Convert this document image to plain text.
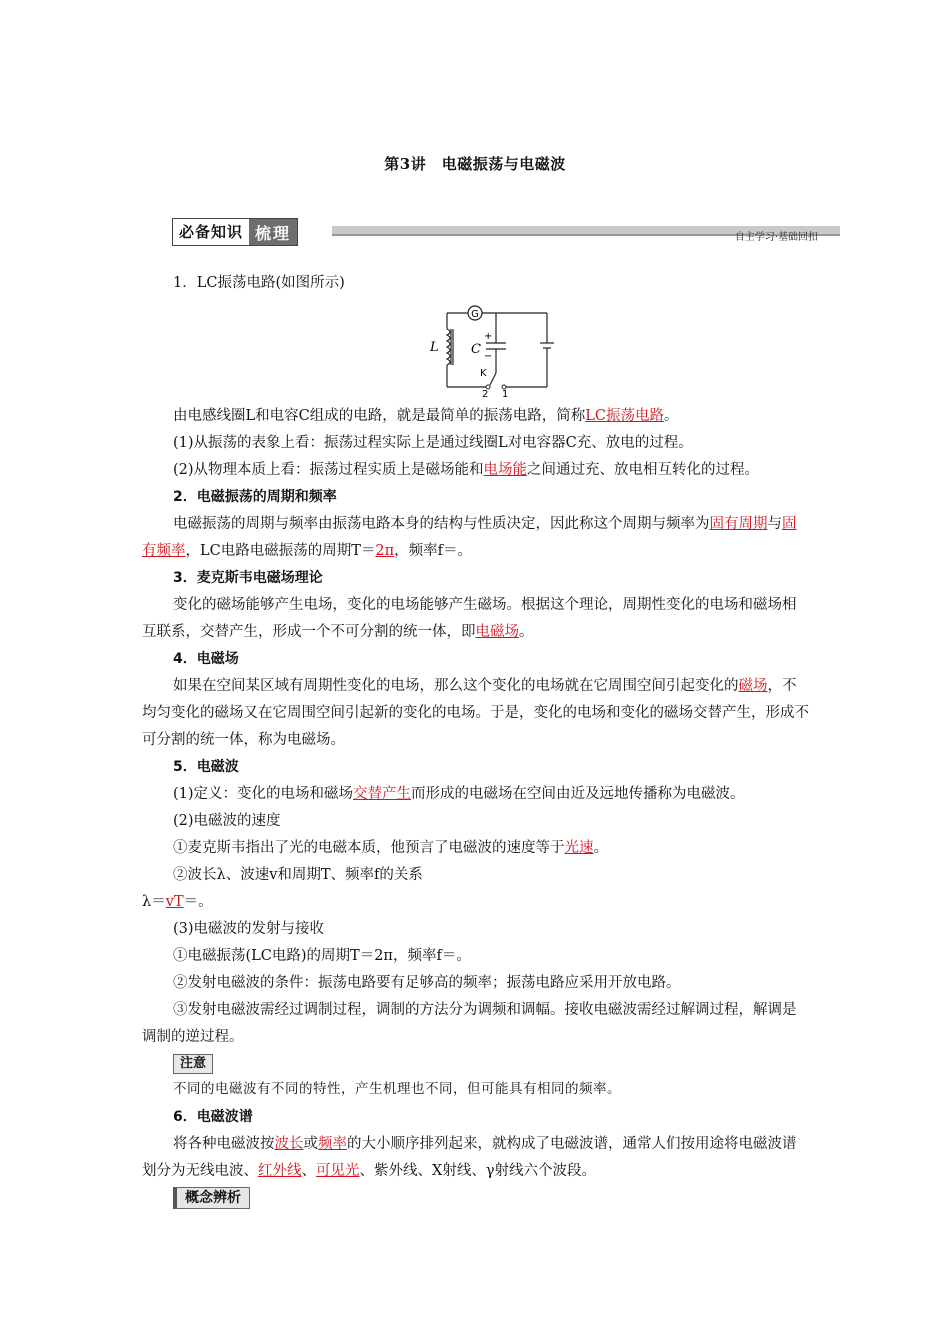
第3讲　电磁振荡与电磁波
必备知识 梳理	自主学习·基础回扣

1．LC振荡电路(如图所示)

G
L C
+
−
K
2 1

由电感线圈L和电容C组成的电路，就是最简单的振荡电路，简称LC振荡电路。

(1)从振荡的表象上看：振荡过程实际上是通过线圈L对电容器C充、放电的过程。

(2)从物理本质上看：振荡过程实质上是磁场能和电场能之间通过充、放电相互转化的过程。

2．电磁振荡的周期和频率

电磁振荡的周期与频率由振荡电路本身的结构与性质决定，因此称这个周期与频率为固有周期与固有频率，LC电路电磁振荡的周期T＝2π，频率f＝。

3．麦克斯韦电磁场理论

变化的磁场能够产生电场，变化的电场能够产生磁场。根据这个理论，周期性变化的电场和磁场相互联系，交替产生，形成一个不可分割的统一体，即电磁场。

4．电磁场

如果在空间某区域有周期性变化的电场，那么这个变化的电场就在它周围空间引起变化的磁场，不均匀变化的磁场又在它周围空间引起新的变化的电场。于是，变化的电场和变化的磁场交替产生，形成不可分割的统一体，称为电磁场。

5．电磁波

(1)定义：变化的电场和磁场交替产生而形成的电磁场在空间由近及远地传播称为电磁波。

(2)电磁波的速度

①麦克斯韦指出了光的电磁本质，他预言了电磁波的速度等于光速。

②波长λ、波速v和周期T、频率f的关系

λ＝vT＝。

(3)电磁波的发射与接收

①电磁振荡(LC电路)的周期T＝2π，频率f＝。

②发射电磁波的条件：振荡电路要有足够高的频率；振荡电路应采用开放电路。

③发射电磁波需经过调制过程，调制的方法分为调频和调幅。接收电磁波需经过解调过程，解调是调制的逆过程。

注意

不同的电磁波有不同的特性，产生机理也不同，但可能具有相同的频率。

6．电磁波谱

将各种电磁波按波长或频率的大小顺序排列起来，就构成了电磁波谱，通常人们按用途将电磁波谱划分为无线电波、红外线、可见光、紫外线、X射线、γ射线六个波段。

概念辨析
